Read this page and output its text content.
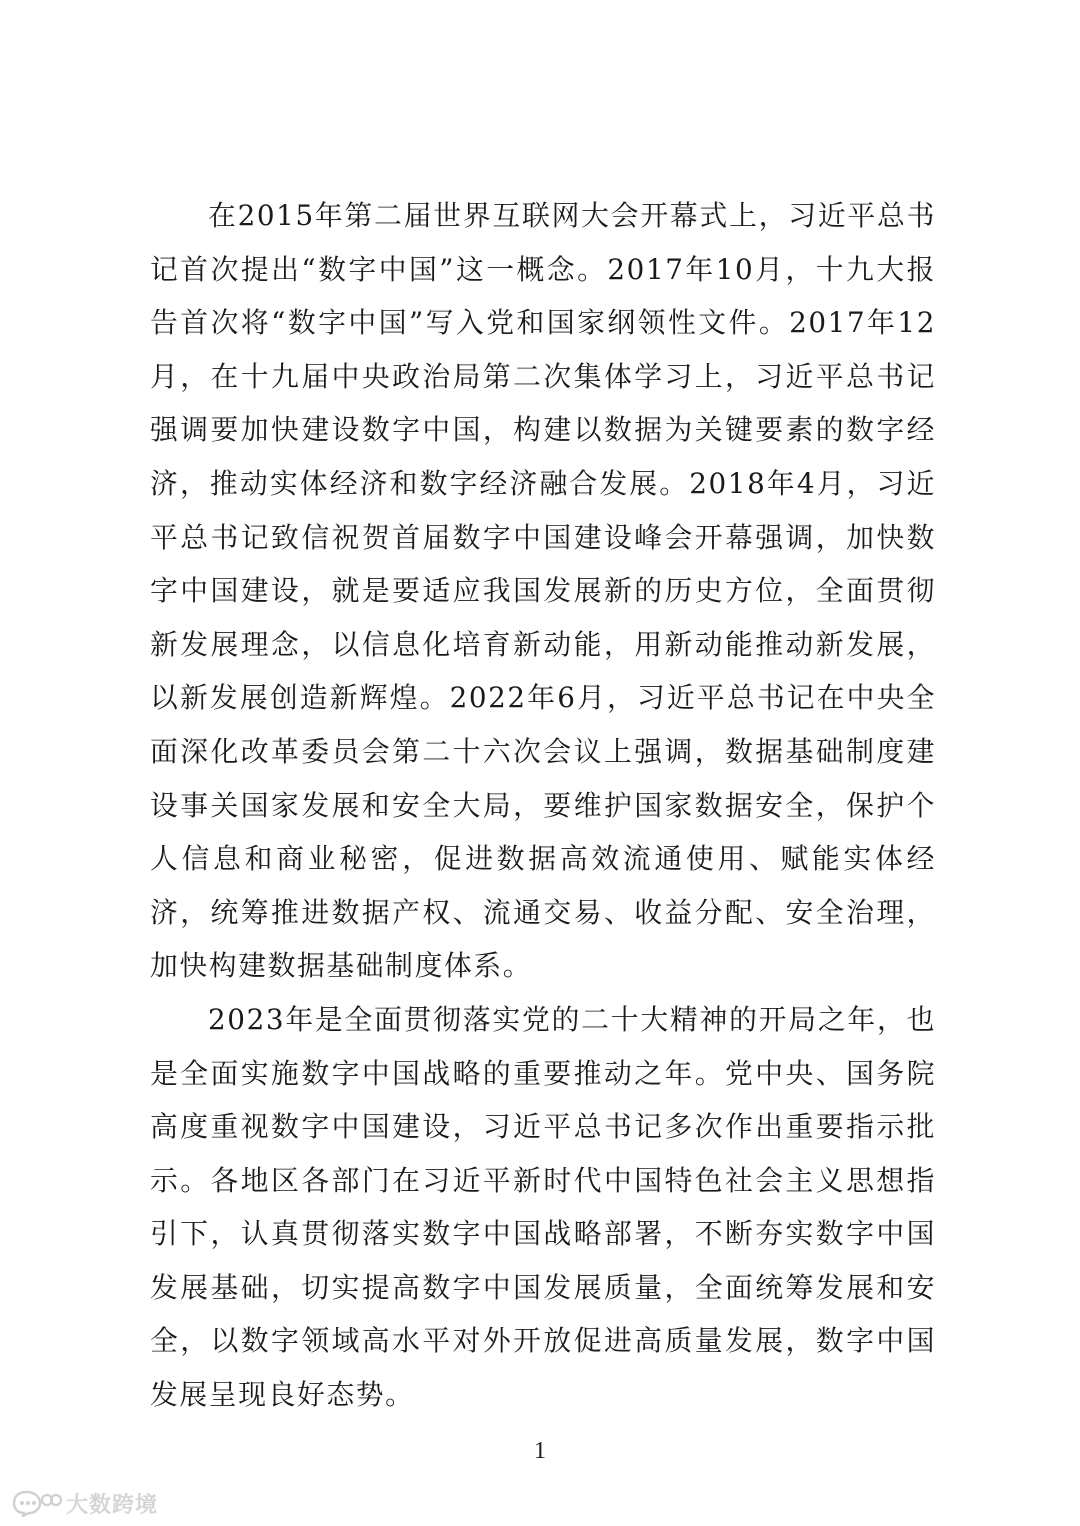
在2015年第二届世界互联网大会开幕式上，习近平总书记首次提出“数字中国”这一概念。2017年10月，十九大报告首次将“数字中国”写入党和国家纲领性文件。2017年12月，在十九届中央政治局第二次集体学习上，习近平总书记强调要加快建设数字中国，构建以数据为关键要素的数字经济，推动实体经济和数字经济融合发展。2018年4月，习近平总书记致信祝贺首届数字中国建设峰会开幕强调，加快数字中国建设，就是要适应我国发展新的历史方位，全面贯彻新发展理念，以信息化培育新动能，用新动能推动新发展，以新发展创造新辉煌。2022年6月，习近平总书记在中央全面深化改革委员会第二十六次会议上强调，数据基础制度建设事关国家发展和安全大局，要维护国家数据安全，保护个人信息和商业秘密，促进数据高效流通使用、赋能实体经济，统筹推进数据产权、流通交易、收益分配、安全治理，加快构建数据基础制度体系。

2023年是全面贯彻落实党的二十大精神的开局之年，也是全面实施数字中国战略的重要推动之年。党中央、国务院高度重视数字中国建设，习近平总书记多次作出重要指示批示。各地区各部门在习近平新时代中国特色社会主义思想指引下，认真贯彻落实数字中国战略部署，不断夯实数字中国发展基础，切实提高数字中国发展质量，全面统筹发展和安全，以数字领域高水平对外开放促进高质量发展，数字中国发展呈现良好态势。

1
大数跨境
